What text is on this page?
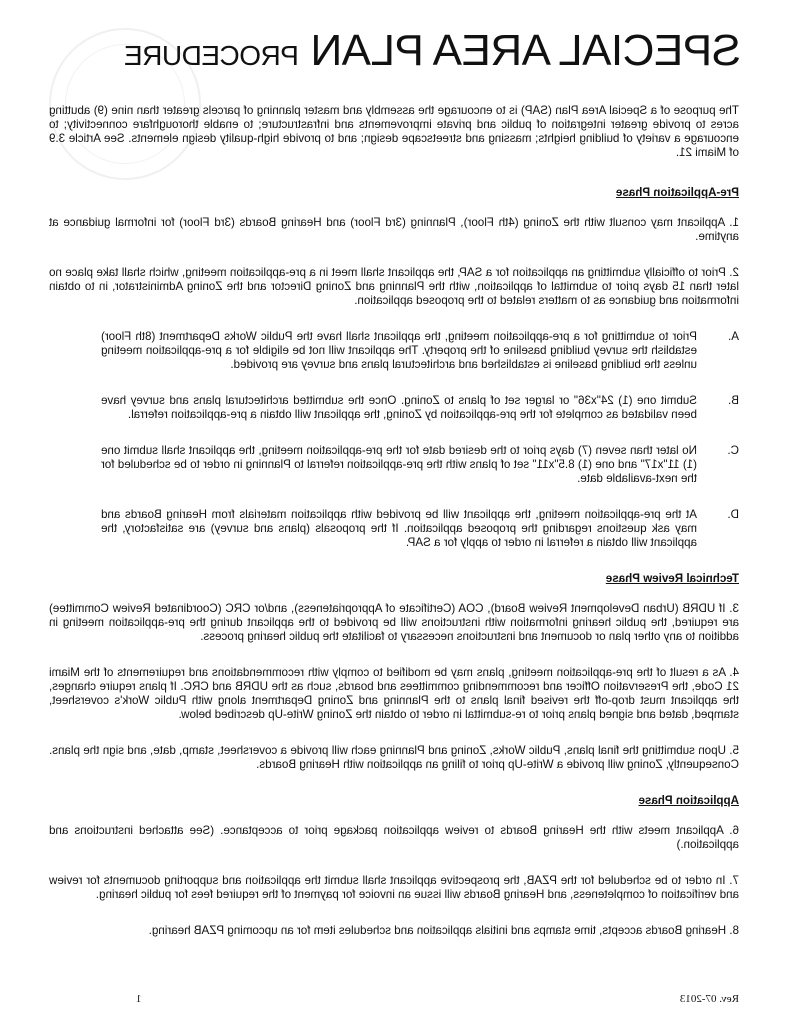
SPECIAL AREA PLANPROCEDURE

The purpose of a Special Area Plan (SAP) is to encourage the assembly and master planning of parcels greater than nine (9) abutting acres to provide greater integration of public and private improvements and infrastructure; to enable thoroughfare connectivity; to encourage a variety of building heights; massing and streetscape design; and to provide high-quality design elements. See Article 3.9 of Miami 21.

Pre-Application Phase

1. Applicant may consult with the Zoning (4th Floor), Planning (3rd Floor) and Hearing Boards (3rd Floor) for informal guidance at anytime.

2. Prior to officially submitting an application for a SAP, the applicant shall meet in a pre-application meeting, which shall take place no later than 15 days prior to submittal of application, with the Planning and Zoning Director and the Zoning Administrator, in to obtain information and guidance as to matters related to the proposed application.

A.
Prior to submitting for a pre-application meeting, the applicant shall have the Public Works Department (8th Floor) establish the survey building baseline of the property. The applicant will not be eligible for a pre-application meeting unless the building baseline is established and architectural plans and survey are provided.
B.
Submit one (1) 24"x36" or larger set of plans to Zoning. Once the submitted architectural plans and survey have been validated as complete for the pre-application by Zoning, the applicant will obtain a pre-application referral.
C.
No later than seven (7) days prior to the desired date for the pre-application meeting, the applicant shall submit one (1) 11"x17" and one (1) 8.5"x11" set of plans with the pre-application referral to Planning in order to be scheduled for the next-available date.
D.
At the pre-application meeting, the applicant will be provided with application materials from Hearing Boards and may ask questions regarding the proposed application. If the proposals (plans and survey) are satisfactory, the applicant will obtain a referral in order to apply for a SAP.

Technical Review Phase

3. If UDRB (Urban Development Review Board), COA (Certificate of Appropriateness), and/or CRC (Coordinated Review Committee) are required, the public hearing information with instructions will be provided to the applicant during the pre-application meeting in addition to any other plan or document and instructions necessary to facilitate the public hearing process.

4. As a result of the pre-application meeting, plans may be modified to comply with recommendations and requirements of the Miami 21 Code, the Preservation Officer and recommending committees and boards, such as the UDRB and CRC. If plans require changes, the applicant must drop-off the revised final plans to the Planning and Zoning Department along with Public Work's coversheet, stamped, dated and signed plans prior to re-submittal in order to obtain the Zoning Write-Up described below.

5. Upon submitting the final plans, Public Works, Zoning and Planning each will provide a coversheet, stamp, date, and sign the plans. Consequently, Zoning will provide a Write-Up prior to filing an application with Hearing Boards.

Application Phase

6. Applicant meets with the Hearing Boards to review application package prior to acceptance. (See attached instructions and application.)

7. In order to be scheduled for the PZAB, the prospective applicant shall submit the application and supporting documents for review and verification of completeness, and Hearing Boards will issue an invoice for payment of the required fees for public hearing.

8. Hearing Boards accepts, time stamps and initials application and schedules item for an upcoming PZAB hearing.

Rev. 07-2013
1
